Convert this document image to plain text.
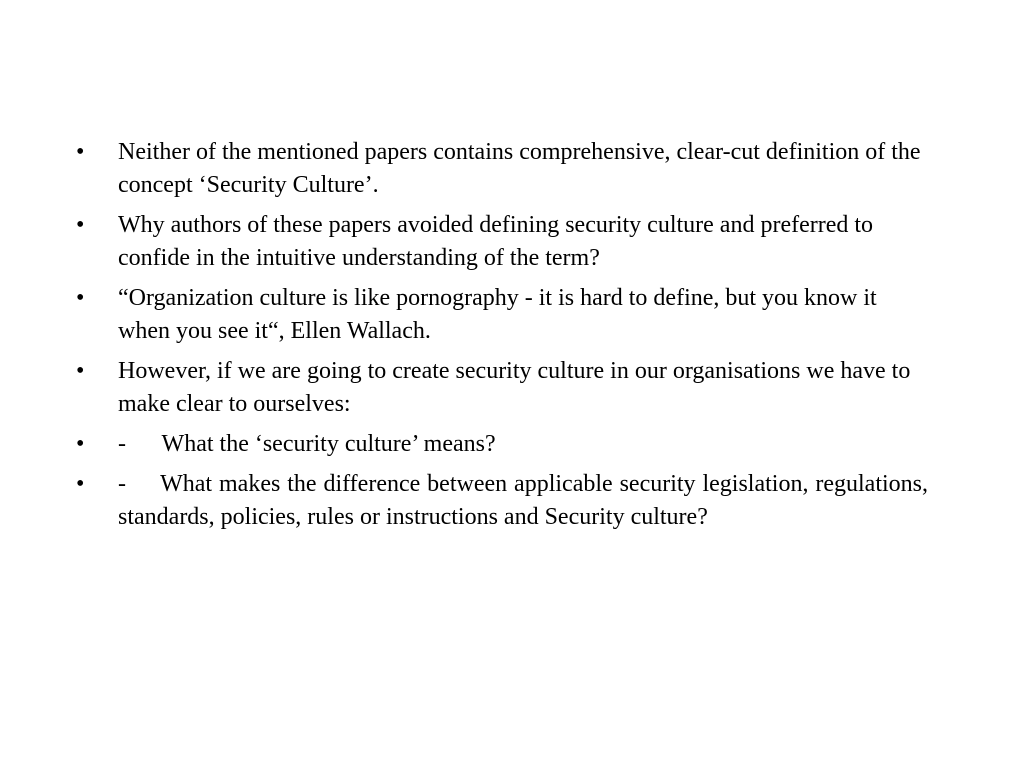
•	Neither of the mentioned papers contains comprehensive, clear-cut definition of the concept ‘Security Culture’.
•	Why authors of these papers avoided defining security culture and preferred to confide in the intuitive understanding of the term?
•	“Organization culture is like pornography - it is hard to define, but you know it when you see it“, Ellen Wallach.
•	However, if we are going to create security culture in our organisations we have to make clear to ourselves:
•	-      What the ‘security culture’ means?
•	-     What makes the difference between applicable security legislation, regulations, standards, policies, rules or instructions and Security culture?
